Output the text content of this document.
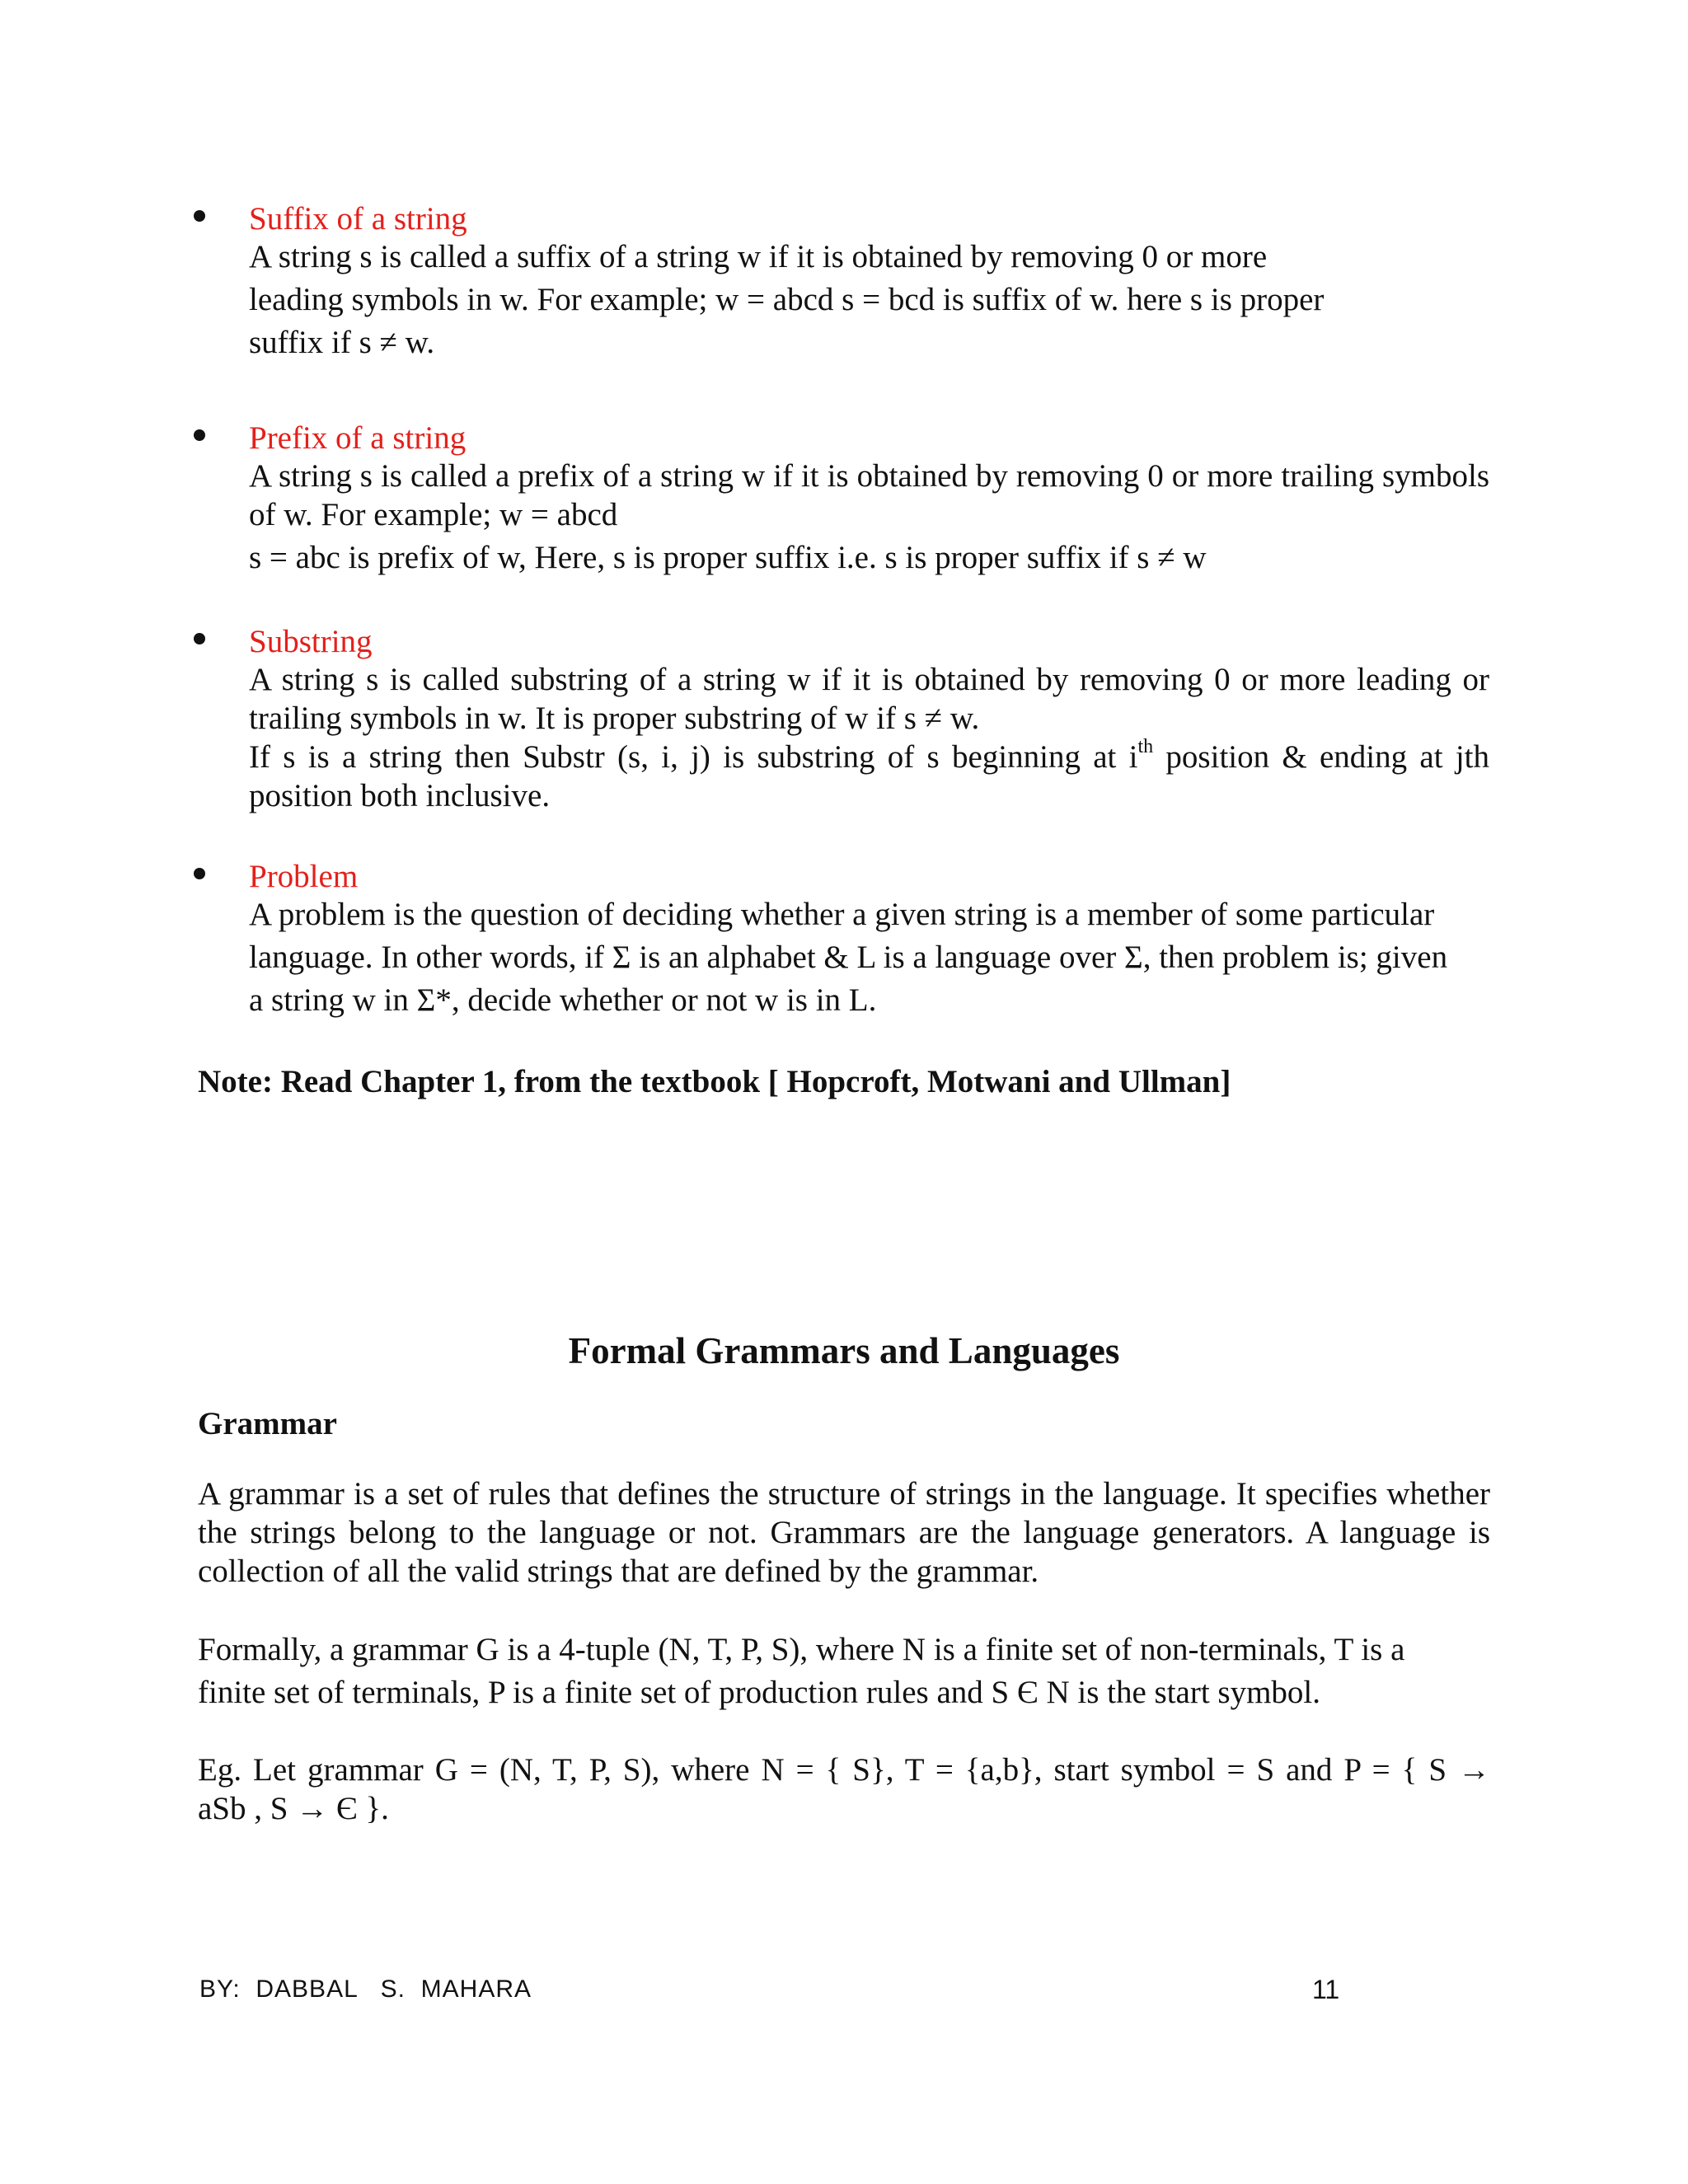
Suffix of a string
A string s is called a suffix of a string w if it is obtained by removing 0 or more
leading symbols in w. For example; w = abcd s = bcd is suffix of w. here s is proper
suffix if s ≠ w.
Prefix of a string
A string s is called a prefix of a string w if it is obtained by removing 0 or more trailing symbols
of w. For example; w = abcd
s = abc is prefix of w, Here, s is proper suffix i.e. s is proper suffix if s ≠ w
Substring
A string s is called substring of a string w if it is obtained by removing 0 or more leading or
trailing symbols in w. It is proper substring of w if s ≠ w.
If s is a string then Substr (s, i, j) is substring of s beginning at $i^{th}$ position & ending at jth
position both inclusive.
Problem
A problem is the question of deciding whether a given string is a member of some particular
language. In other words, if Σ is an alphabet & L is a language over Σ, then problem is; given
a string w in Σ*, decide whether or not w is in L.
Note: Read Chapter 1, from the textbook [ Hopcroft, Motwani and Ullman]
Formal Grammars and Languages
Grammar
A grammar is a set of rules that defines the structure of strings in the language. It specifies whether
the strings belong to the language or not. Grammars are the language generators. A language is
collection of all the valid strings that are defined by the grammar.
Formally, a grammar G is a 4-tuple (N, T, P, S), where N is a finite set of non-terminals, T is a
finite set of terminals, P is a finite set of production rules and S Є N is the start symbol.
Eg. Let grammar G = (N, T, P, S), where N = { S}, T = {a,b}, start symbol = S and P = { S →
aSb , S → Є }.
BY:  DABBAL   S.  MAHARA	11
